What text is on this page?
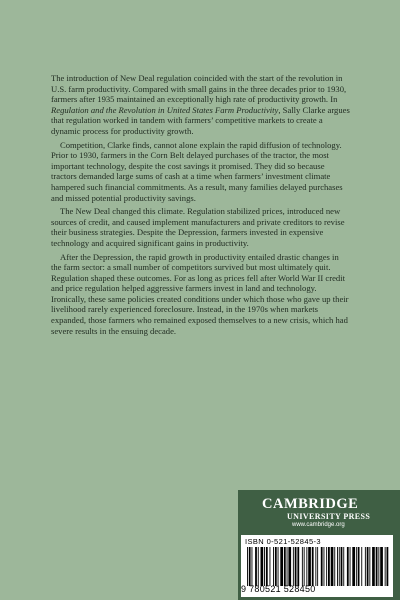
The introduction of New Deal regulation coincided with the start of the revolution in U.S. farm productivity. Compared with small gains in the three decades prior to 1930, farmers after 1935 maintained an exceptionally high rate of productivity growth. In Regulation and the Revolution in United States Farm Productivity, Sally Clarke argues that regulation worked in tandem with farmers’ competitive markets to create a dynamic process for productivity growth.

Competition, Clarke finds, cannot alone explain the rapid diffusion of technology. Prior to 1930, farmers in the Corn Belt delayed purchases of the tractor, the most important technology, despite the cost savings it promised. They did so because tractors demanded large sums of cash at a time when farmers’ investment climate hampered such financial commitments. As a result, many families delayed purchases and missed potential productivity savings.

The New Deal changed this climate. Regulation stabilized prices, introduced new sources of credit, and caused implement manufacturers and private creditors to revise their business strategies. Despite the Depression, farmers invested in expensive technology and acquired significant gains in productivity.

After the Depression, the rapid growth in productivity entailed drastic changes in the farm sector: a small number of competitors survived but most ultimately quit. Regulation shaped these outcomes. For as long as prices fell after World War II credit and price regulation helped aggressive farmers invest in land and technology. Ironically, these same policies created conditions under which those who gave up their livelihood rarely experienced foreclosure. Instead, in the 1970s when markets expanded, those farmers who remained exposed themselves to a new crisis, which had severe results in the ensuing decade.

CAMBRIDGE
UNIVERSITY PRESS
www.cambridge.org
ISBN 0-521-52845-3
9 780521 528450
